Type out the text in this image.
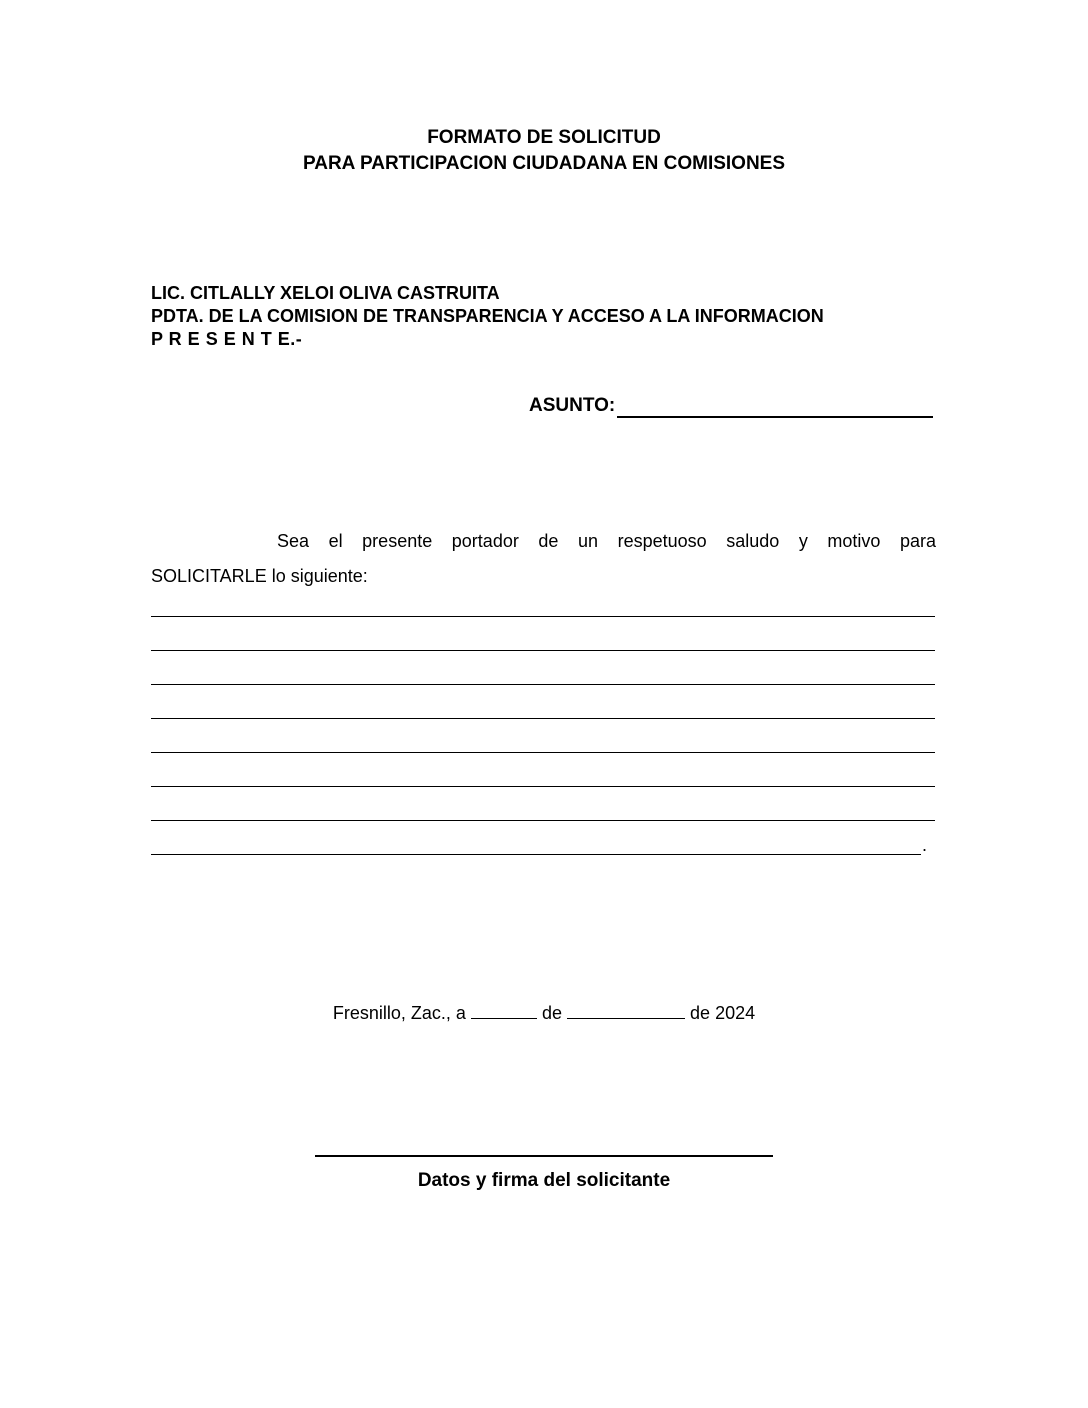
FORMATO DE SOLICITUD
PARA PARTICIPACION CIUDADANA EN COMISIONES
LIC. CITLALLY XELOI OLIVA CASTRUITA
PDTA. DE LA COMISION DE TRANSPARENCIA Y ACCESO A LA INFORMACION
P R E S E N T E.-
ASUNTO:
Sea el presente portador de un respetuoso saludo y motivo para
SOLICITARLE lo siguiente:
.
Fresnillo, Zac., a	de	de 2024
Datos y firma del solicitante
